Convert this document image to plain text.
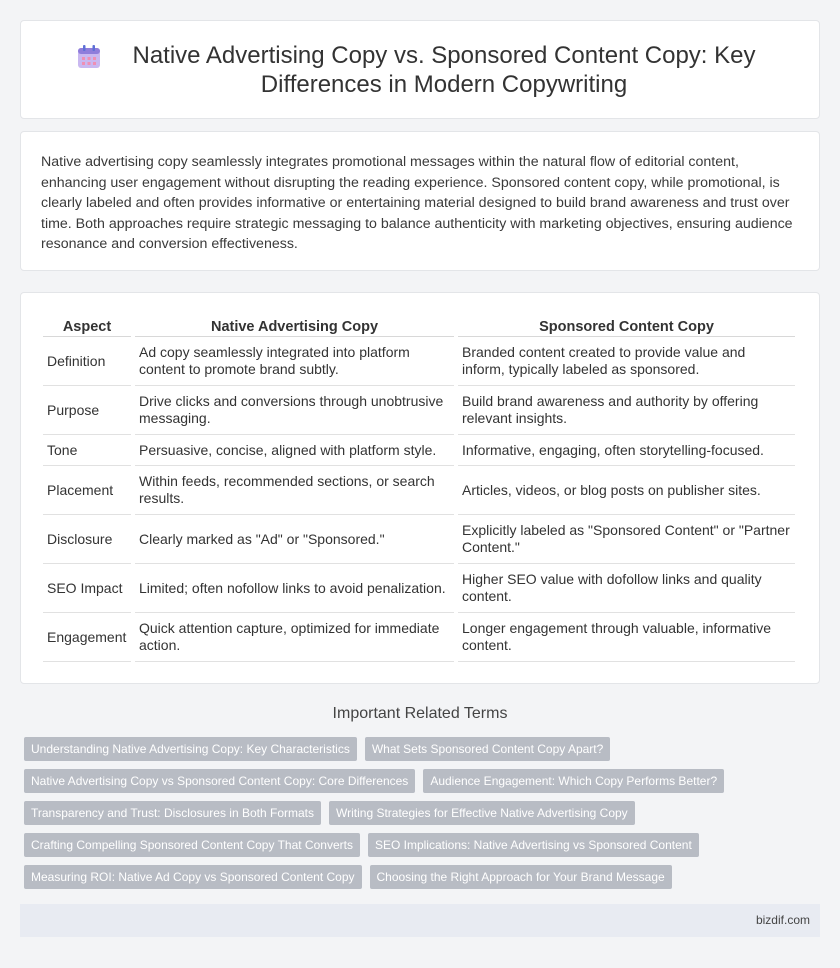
Native Advertising Copy vs. Sponsored Content Copy: Key Differences in Modern Copywriting

Native advertising copy seamlessly integrates promotional messages within the natural flow of editorial content, enhancing user engagement without disrupting the reading experience. Sponsored content copy, while promotional, is clearly labeled and often provides informative or entertaining material designed to build brand awareness and trust over time. Both approaches require strategic messaging to balance authenticity with marketing objectives, ensuring audience resonance and conversion effectiveness.

Aspect	Native Advertising Copy	Sponsored Content Copy
Definition	Ad copy seamlessly integrated into platform content to promote brand subtly.	Branded content created to provide value and inform, typically labeled as sponsored.
Purpose	Drive clicks and conversions through unobtrusive messaging.	Build brand awareness and authority by offering relevant insights.
Tone	Persuasive, concise, aligned with platform style.	Informative, engaging, often storytelling-focused.
Placement	Within feeds, recommended sections, or search results.	Articles, videos, or blog posts on publisher sites.
Disclosure	Clearly marked as "Ad" or "Sponsored."	Explicitly labeled as "Sponsored Content" or "Partner Content."
SEO Impact	Limited; often nofollow links to avoid penalization.	Higher SEO value with dofollow links and quality content.
Engagement	Quick attention capture, optimized for immediate action.	Longer engagement through valuable, informative content.
Important Related Terms
Understanding Native Advertising Copy: Key Characteristics	What Sets Sponsored Content Copy Apart?
Native Advertising Copy vs Sponsored Content Copy: Core Differences	Audience Engagement: Which Copy Performs Better?
Transparency and Trust: Disclosures in Both Formats	Writing Strategies for Effective Native Advertising Copy
Crafting Compelling Sponsored Content Copy That Converts	SEO Implications: Native Advertising vs Sponsored Content
Measuring ROI: Native Ad Copy vs Sponsored Content Copy	Choosing the Right Approach for Your Brand Message
bizdif.com
